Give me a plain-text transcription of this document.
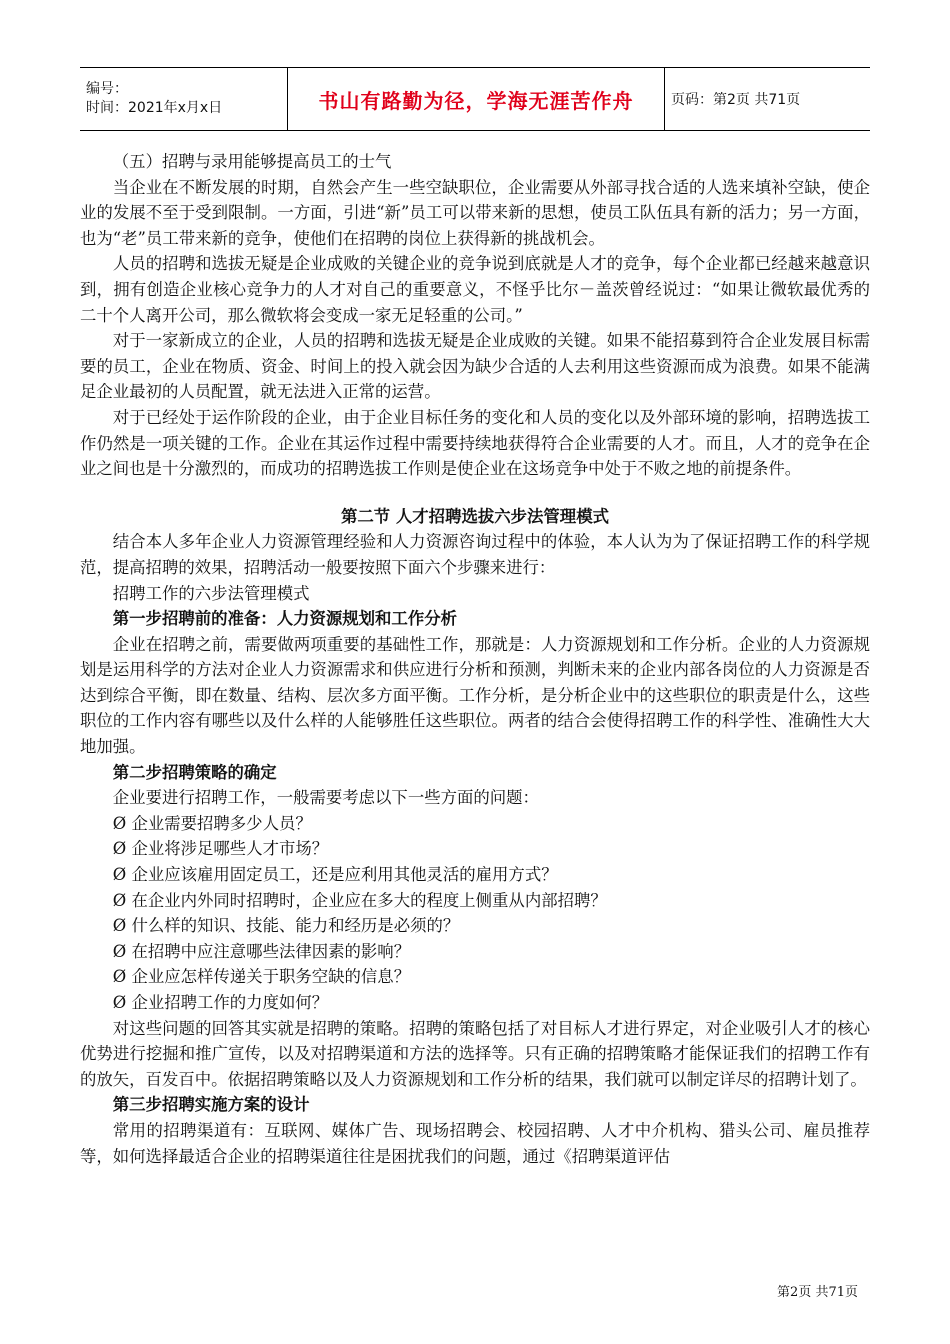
编号：
时间：2021年x月x日	书山有路勤为径，学海无涯苦作舟	页码：第2页 共71页

（五）招聘与录用能够提高员工的士气

当企业在不断发展的时期，自然会产生一些空缺职位，企业需要从外部寻找合适的人选来填补空缺，使企业的发展不至于受到限制。一方面，引进“新”员工可以带来新的思想，使员工队伍具有新的活力；另一方面，也为“老”员工带来新的竞争，使他们在招聘的岗位上获得新的挑战机会。

人员的招聘和选拔无疑是企业成败的关键企业的竞争说到底就是人才的竞争，每个企业都已经越来越意识到，拥有创造企业核心竞争力的人才对自己的重要意义，不怪乎比尔－盖茨曾经说过：“如果让微软最优秀的二十个人离开公司，那么微软将会变成一家无足轻重的公司。”

对于一家新成立的企业，人员的招聘和选拔无疑是企业成败的关键。如果不能招募到符合企业发展目标需要的员工，企业在物质、资金、时间上的投入就会因为缺少合适的人去利用这些资源而成为浪费。如果不能满足企业最初的人员配置，就无法进入正常的运营。

对于已经处于运作阶段的企业，由于企业目标任务的变化和人员的变化以及外部环境的影响，招聘选拔工作仍然是一项关键的工作。企业在其运作过程中需要持续地获得符合企业需要的人才。而且，人才的竞争在企业之间也是十分激烈的，而成功的招聘选拔工作则是使企业在这场竞争中处于不败之地的前提条件。

第二节 人才招聘选拔六步法管理模式

结合本人多年企业人力资源管理经验和人力资源咨询过程中的体验，本人认为为了保证招聘工作的科学规范，提高招聘的效果，招聘活动一般要按照下面六个步骤来进行：

招聘工作的六步法管理模式

第一步招聘前的准备：人力资源规划和工作分析

企业在招聘之前，需要做两项重要的基础性工作，那就是：人力资源规划和工作分析。企业的人力资源规划是运用科学的方法对企业人力资源需求和供应进行分析和预测，判断未来的企业内部各岗位的人力资源是否达到综合平衡，即在数量、结构、层次多方面平衡。工作分析，是分析企业中的这些职位的职责是什么，这些职位的工作内容有哪些以及什么样的人能够胜任这些职位。两者的结合会使得招聘工作的科学性、准确性大大地加强。

第二步招聘策略的确定

企业要进行招聘工作，一般需要考虑以下一些方面的问题：

Ø 企业需要招聘多少人员？

Ø 企业将涉足哪些人才市场？

Ø 企业应该雇用固定员工，还是应利用其他灵活的雇用方式？

Ø 在企业内外同时招聘时，企业应在多大的程度上侧重从内部招聘？

Ø 什么样的知识、技能、能力和经历是必须的？

Ø 在招聘中应注意哪些法律因素的影响？

Ø 企业应怎样传递关于职务空缺的信息？

Ø 企业招聘工作的力度如何？

对这些问题的回答其实就是招聘的策略。招聘的策略包括了对目标人才进行界定，对企业吸引人才的核心优势进行挖掘和推广宣传，以及对招聘渠道和方法的选择等。只有正确的招聘策略才能保证我们的招聘工作有的放矢，百发百中。依据招聘策略以及人力资源规划和工作分析的结果，我们就可以制定详尽的招聘计划了。

第三步招聘实施方案的设计

常用的招聘渠道有：互联网、媒体广告、现场招聘会、校园招聘、人才中介机构、猎头公司、雇员推荐等，如何选择最适合企业的招聘渠道往往是困扰我们的问题，通过《招聘渠道评估

第2页 共71页
